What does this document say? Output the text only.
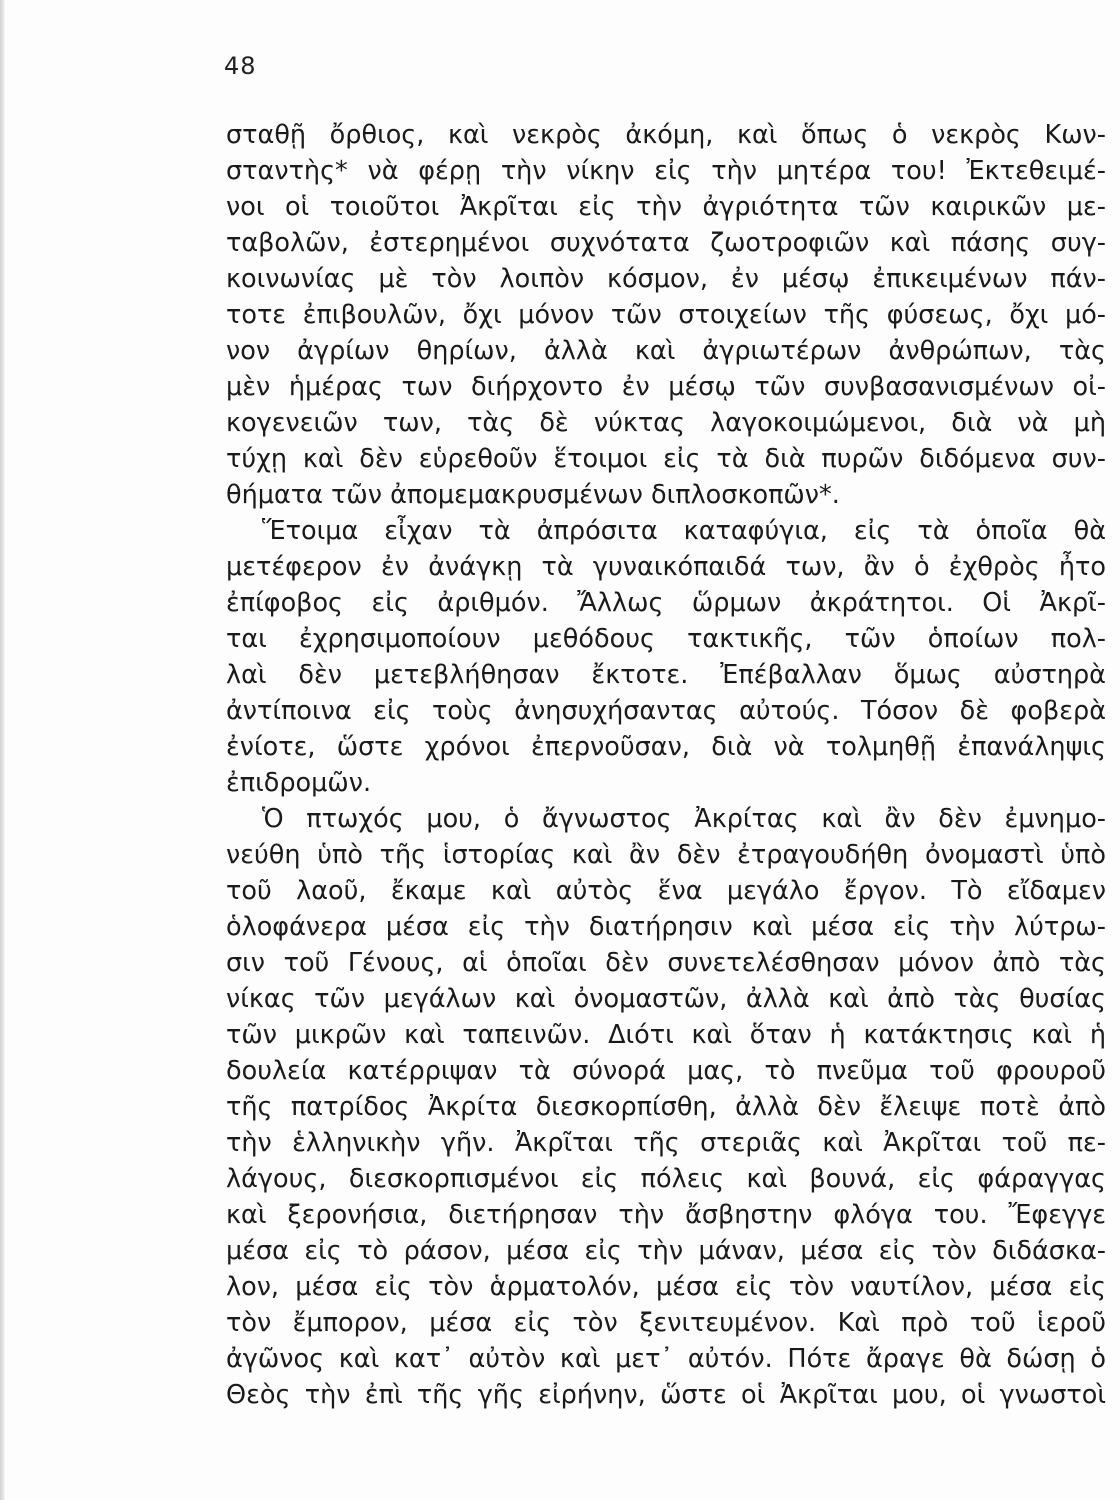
48
σταθῇ ὄρθιος, καὶ νεκρὸς ἀκόμη, καὶ ὅπως ὁ νεκρὸς Κων-
σταντὴς* νὰ φέρῃ τὴν νίκην εἰς τὴν μητέρα του! Ἐκτεθειμέ-
νοι οἱ τοιοῦτοι Ἀκρῖται εἰς τὴν ἀγριότητα τῶν καιρικῶν με-
ταβολῶν, ἐστερημένοι συχνότατα ζωοτροφιῶν καὶ πάσης συγ-
κοινωνίας μὲ τὸν λοιπὸν κόσμον, ἐν μέσῳ ἐπικειμένων πάν-
τοτε ἐπιβουλῶν, ὄχι μόνον τῶν στοιχείων τῆς φύσεως, ὄχι μό-
νον ἀγρίων θηρίων, ἀλλὰ καὶ ἀγριωτέρων ἀνθρώπων, τὰς
μὲν ἡμέρας των διήρχοντο ἐν μέσῳ τῶν συνβασανισμένων οἰ-
κογενειῶν των, τὰς δὲ νύκτας λαγοκοιμώμενοι, διὰ νὰ μὴ
τύχῃ καὶ δὲν εὑρεθοῦν ἕτοιμοι εἰς τὰ διὰ πυρῶν διδόμενα συν-
θήματα τῶν ἀπομεμακρυσμένων διπλοσκοπῶν*.
Ἕτοιμα εἶχαν τὰ ἀπρόσιτα καταφύγια, εἰς τὰ ὁποῖα θὰ
μετέφερον ἐν ἀνάγκῃ τὰ γυναικόπαιδά των, ἂν ὁ ἐχθρὸς ἦτο
ἐπίφοβος εἰς ἀριθμόν. Ἄλλως ὥρμων ἀκράτητοι. Οἱ Ἀκρῖ-
ται ἐχρησιμοποίουν μεθόδους τακτικῆς, τῶν ὁποίων πολ-
λαὶ δὲν μετεβλήθησαν ἔκτοτε. Ἐπέβαλλαν ὅμως αὐστηρὰ
ἀντίποινα εἰς τοὺς ἀνησυχήσαντας αὐτούς. Τόσον δὲ φοβερὰ
ἐνίοτε, ὥστε χρόνοι ἐπερνοῦσαν, διὰ νὰ τολμηθῇ ἐπανάληψις
ἐπιδρομῶν.
Ὁ πτωχός μου, ὁ ἄγνωστος Ἀκρίτας καὶ ἂν δὲν ἐμνημο-
νεύθη ὑπὸ τῆς ἱστορίας καὶ ἂν δὲν ἐτραγουδήθη ὀνομαστὶ ὑπὸ
τοῦ λαοῦ, ἔκαμε καὶ αὐτὸς ἕνα μεγάλο ἔργον. Τὸ εἴδαμεν
ὁλοφάνερα μέσα εἰς τὴν διατήρησιν καὶ μέσα εἰς τὴν λύτρω-
σιν τοῦ Γένους, αἱ ὁποῖαι δὲν συνετελέσθησαν μόνον ἀπὸ τὰς
νίκας τῶν μεγάλων καὶ ὀνομαστῶν, ἀλλὰ καὶ ἀπὸ τὰς θυσίας
τῶν μικρῶν καὶ ταπεινῶν. Διότι καὶ ὅταν ἡ κατάκτησις καὶ ἡ
δουλεία κατέρριψαν τὰ σύνορά μας, τὸ πνεῦμα τοῦ φρουροῦ
τῆς πατρίδος Ἀκρίτα διεσκορπίσθη, ἀλλὰ δὲν ἔλειψε ποτὲ ἀπὸ
τὴν ἑλληνικὴν γῆν. Ἀκρῖται τῆς στεριᾶς καὶ Ἀκρῖται τοῦ πε-
λάγους, διεσκορπισμένοι εἰς πόλεις καὶ βουνά, εἰς φάραγγας
καὶ ξερονήσια, διετήρησαν τὴν ἄσβηστην φλόγα του. Ἔφεγγε
μέσα εἰς τὸ ράσον, μέσα εἰς τὴν μάναν, μέσα εἰς τὸν διδάσκα-
λον, μέσα εἰς τὸν ἁρματολόν, μέσα εἰς τὸν ναυτίλον, μέσα εἰς
τὸν ἔμπορον, μέσα εἰς τὸν ξενιτευμένον. Καὶ πρὸ τοῦ ἱεροῦ
ἀγῶνος καὶ κατ᾽ αὐτὸν καὶ μετ᾽ αὐτόν. Πότε ἄραγε θὰ δώσῃ ὁ
Θεὸς τὴν ἐπὶ τῆς γῆς εἰρήνην, ὥστε οἱ Ἀκρῖται μου, οἱ γνωστοὶ
